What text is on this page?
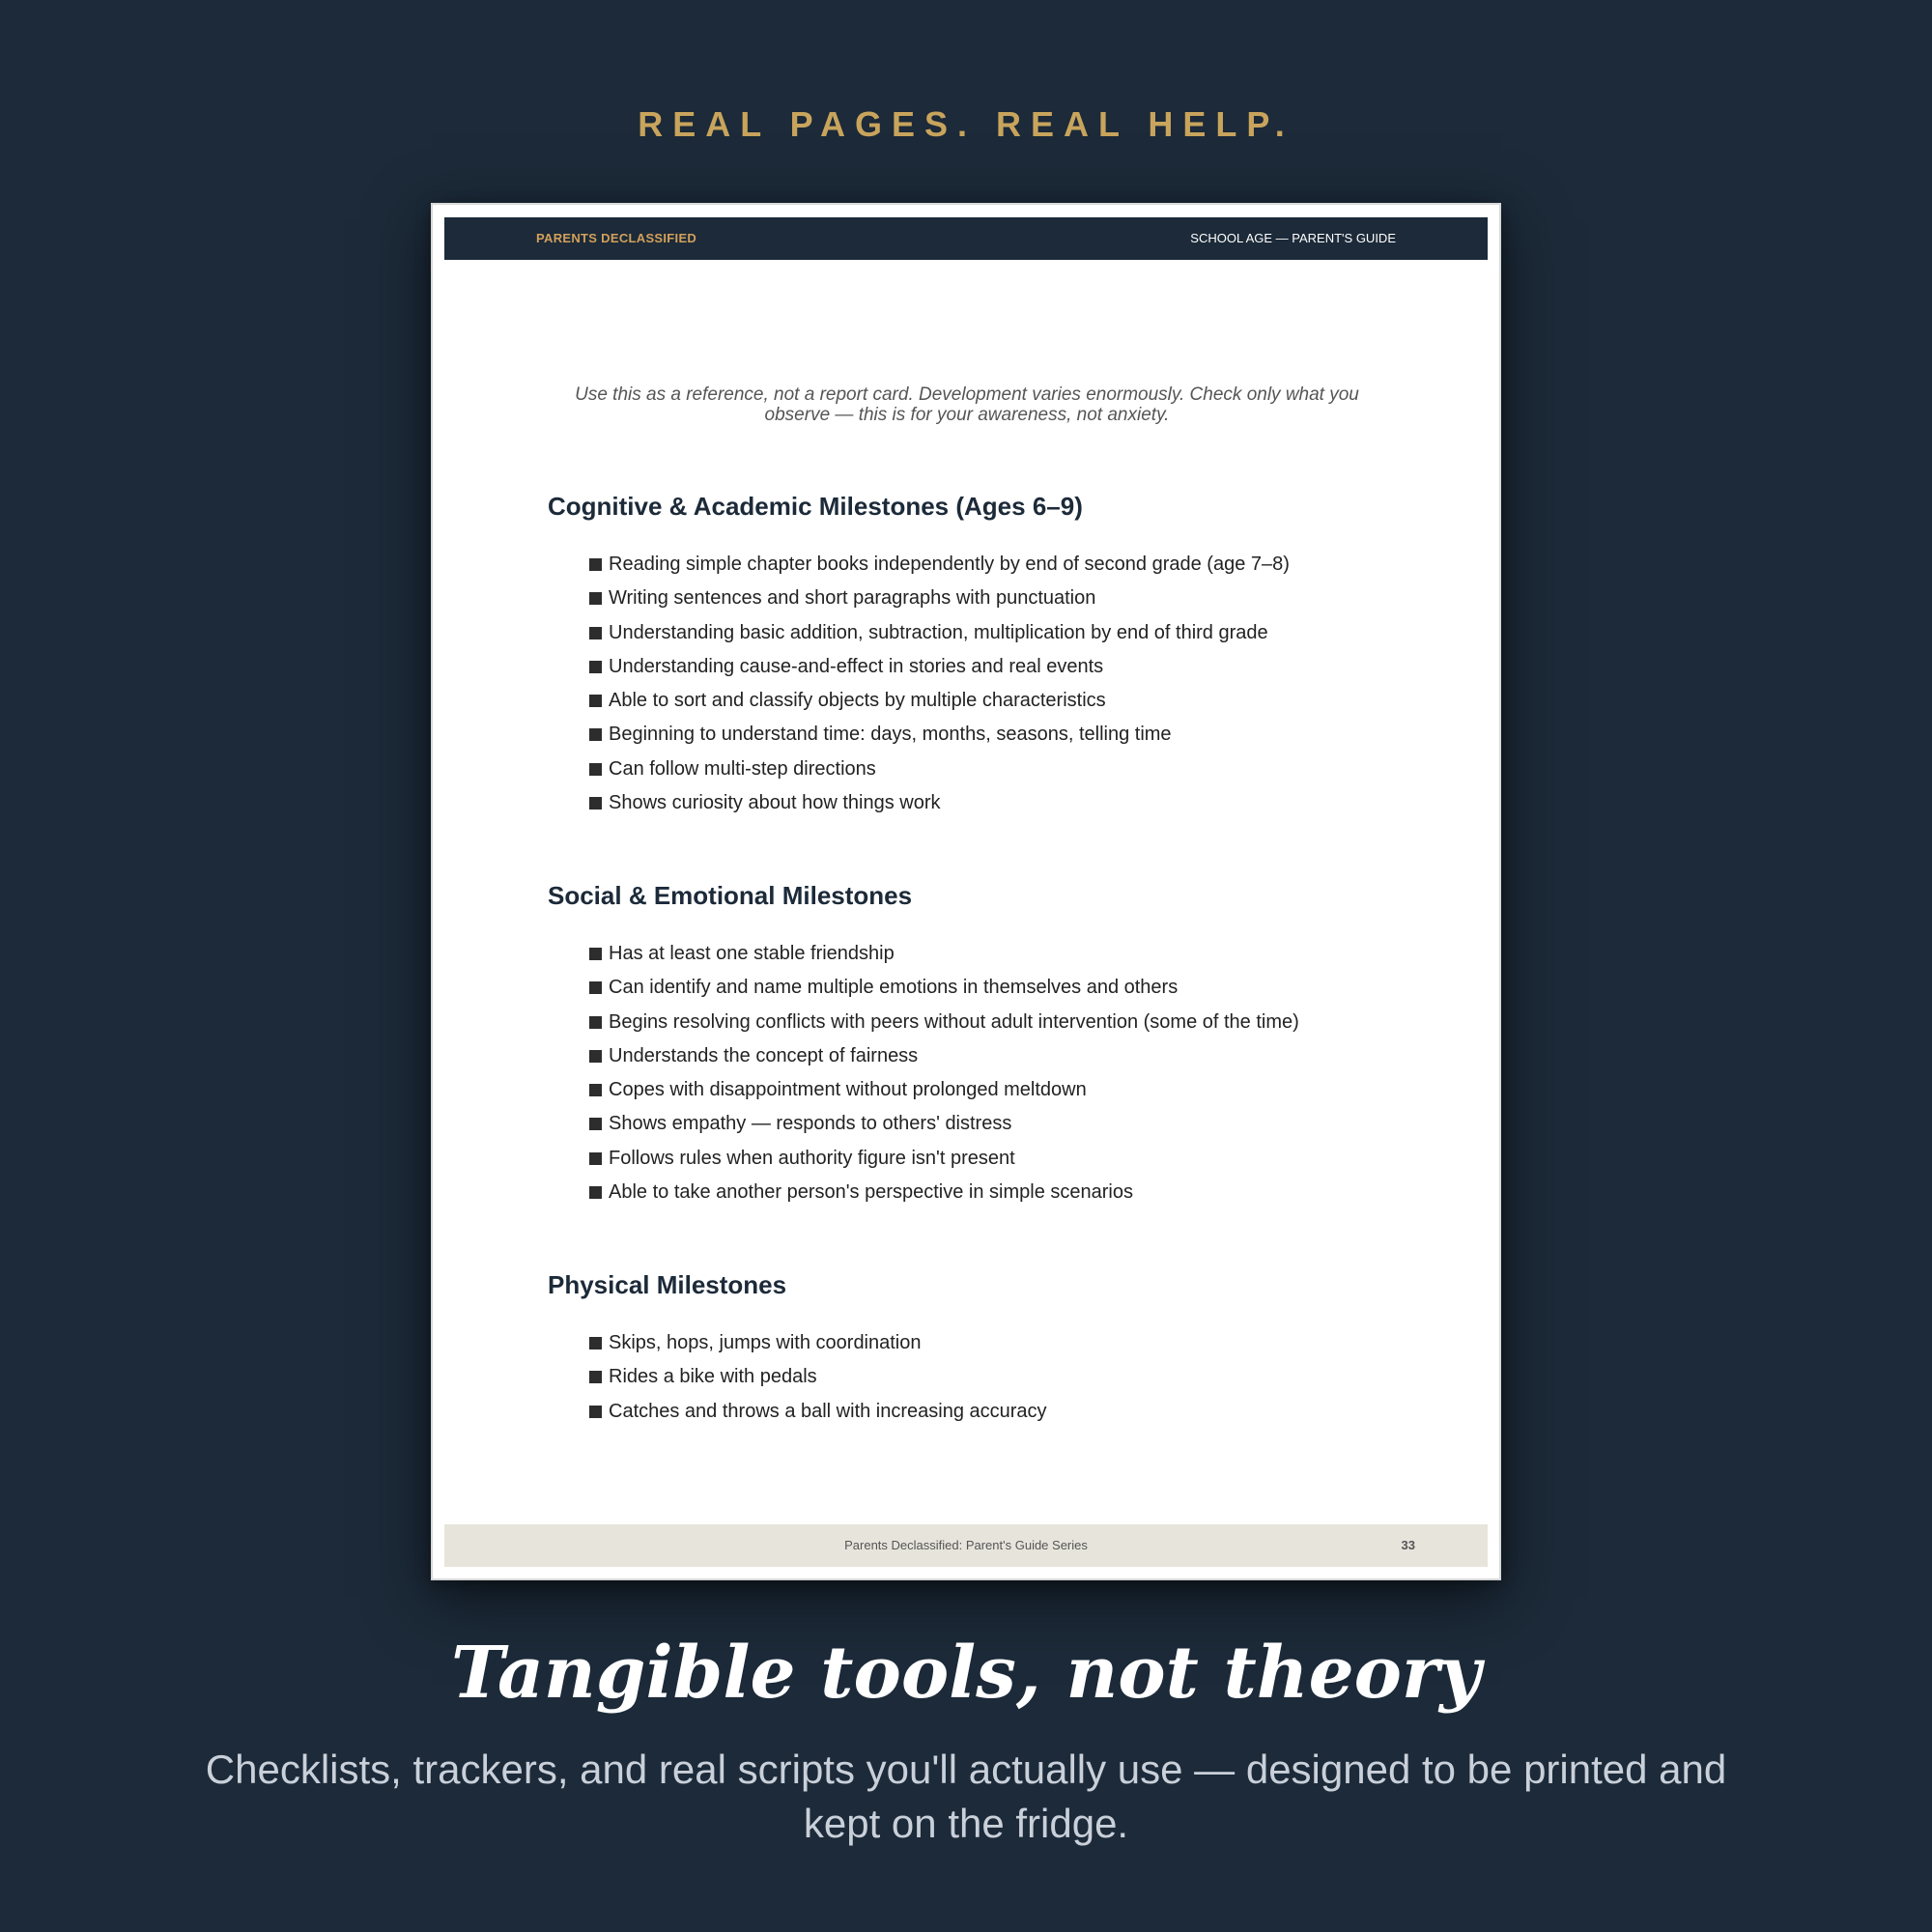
REAL PAGES. REAL HELP.

PARENTS DECLASSIFIED	SCHOOL AGE — PARENT'S GUIDE

Use this as a reference, not a report card. Development varies enormously. Check only what you observe — this is for your awareness, not anxiety.

Cognitive & Academic Milestones (Ages 6–9)
Reading simple chapter books independently by end of second grade (age 7–8)
Writing sentences and short paragraphs with punctuation
Understanding basic addition, subtraction, multiplication by end of third grade
Understanding cause-and-effect in stories and real events
Able to sort and classify objects by multiple characteristics
Beginning to understand time: days, months, seasons, telling time
Can follow multi-step directions
Shows curiosity about how things work
Social & Emotional Milestones
Has at least one stable friendship
Can identify and name multiple emotions in themselves and others
Begins resolving conflicts with peers without adult intervention (some of the time)
Understands the concept of fairness
Copes with disappointment without prolonged meltdown
Shows empathy — responds to others' distress
Follows rules when authority figure isn't present
Able to take another person's perspective in simple scenarios
Physical Milestones
Skips, hops, jumps with coordination
Rides a bike with pedals
Catches and throws a ball with increasing accuracy
Parents Declassified: Parent's Guide Series	33
Tangible tools, not theory

Checklists, trackers, and real scripts you'll actually use — designed to be printed and kept on the fridge.
